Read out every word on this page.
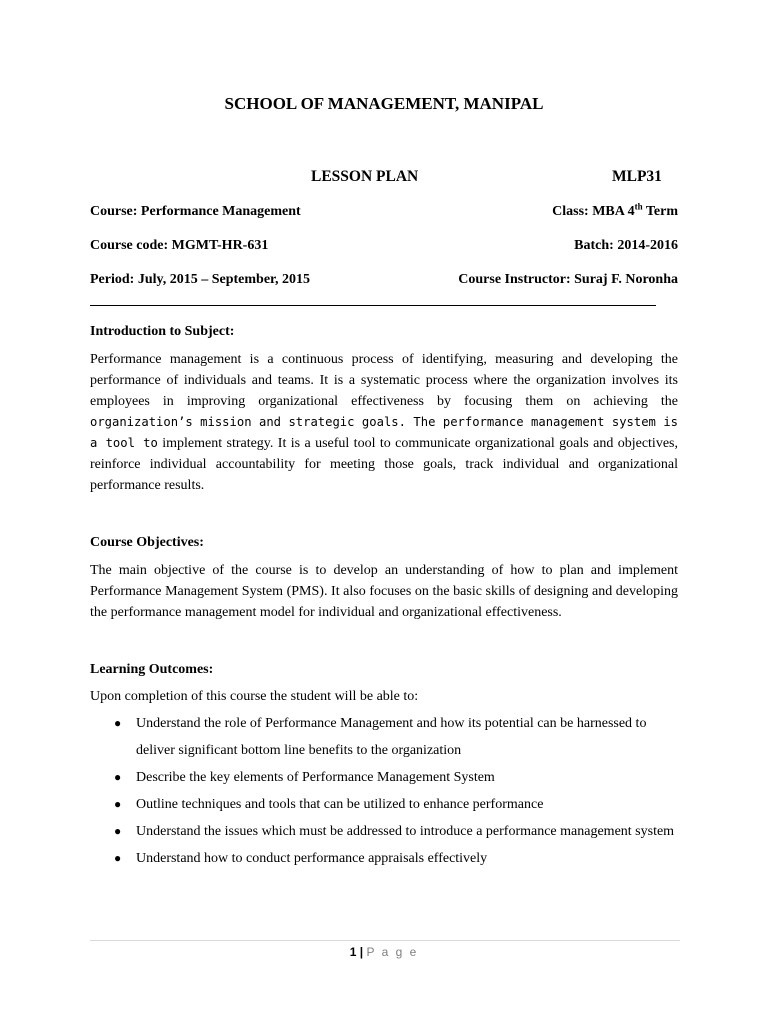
SCHOOL OF MANAGEMENT, MANIPAL
LESSON PLAN	MLP31
Course: Performance Management	Class: MBA 4th Term
Course code: MGMT-HR-631	Batch: 2014-2016
Period: July, 2015 – September, 2015	Course Instructor: Suraj F. Noronha
Introduction to Subject:
Performance management is a continuous process of identifying, measuring and developing the performance of individuals and teams. It is a systematic process where the organization involves its employees in improving organizational effectiveness by focusing them on achieving the organization’s mission and strategic goals. The performance management system is a tool to implement strategy. It is a useful tool to communicate organizational goals and objectives, reinforce individual accountability for meeting those goals, track individual and organizational performance results.
Course Objectives:
The main objective of the course is to develop an understanding of how to plan and implement Performance Management System (PMS). It also focuses on the basic skills of designing and developing the performance management model for individual and organizational effectiveness.
Learning Outcomes:
Upon completion of this course the student will be able to:
● Understand the role of Performance Management and how its potential can be harnessed to deliver significant bottom line benefits to the organization
● Describe the key elements of Performance Management System
● Outline techniques and tools that can be utilized to enhance performance
● Understand the issues which must be addressed to introduce a performance management system
● Understand how to conduct performance appraisals effectively
1 | P a g e
